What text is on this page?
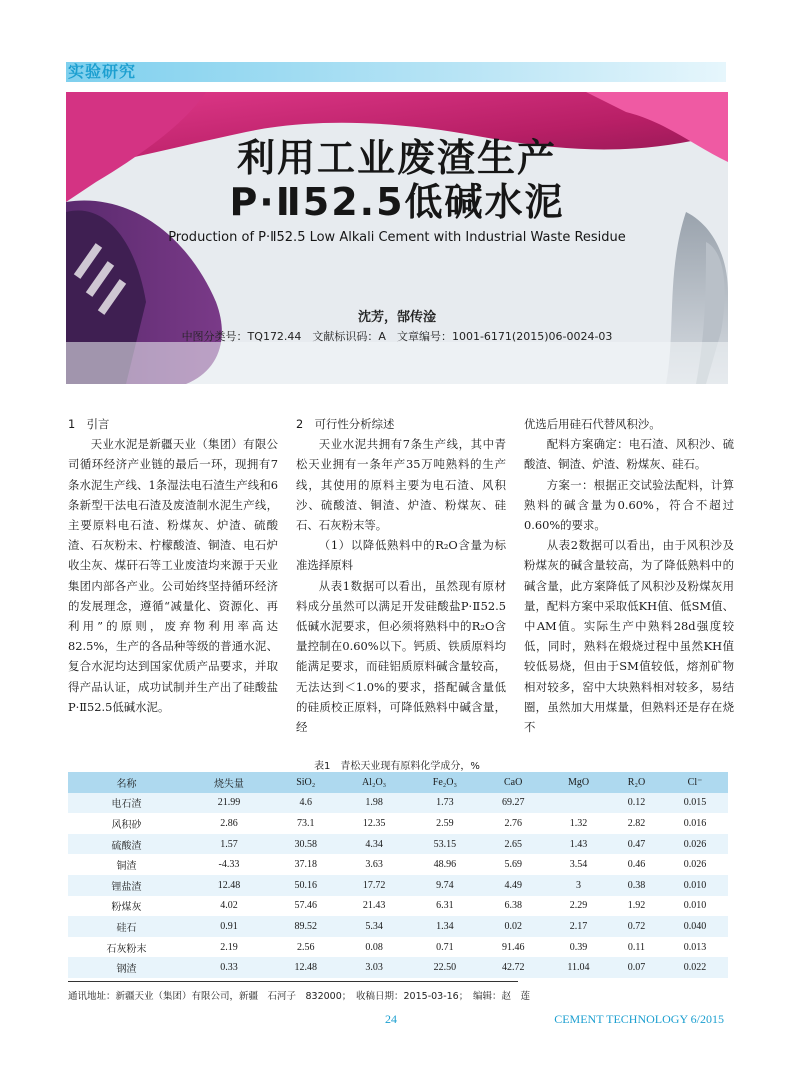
实验研究
利用工业废渣生产
P·Ⅱ52.5低碱水泥
Production of P·Ⅱ52.5 Low Alkali Cement with Industrial Waste Residue
沈芳，郜传淦
中图分类号：TQ172.44　文献标识码：A　文章编号：1001-6171(2015)06-0024-03
1　引言

天业水泥是新疆天业（集团）有限公司循环经济产业链的最后一环，现拥有7条水泥生产线、1条湿法电石渣生产线和6条新型干法电石渣及废渣制水泥生产线，主要原料电石渣、粉煤灰、炉渣、硫酸渣、石灰粉末、柠檬酸渣、铜渣、电石炉收尘灰、煤矸石等工业废渣均来源于天业集团内部各产业。公司始终坚持循环经济的发展理念，遵循“减量化、资源化、再利用”的原则，废弃物利用率高达82.5%，生产的各品种等级的普通水泥、复合水泥均达到国家优质产品要求，并取得产品认证，成功试制并生产出了硅酸盐P·Ⅱ52.5低碱水泥。

2　可行性分析综述

天业水泥共拥有7条生产线，其中青松天业拥有一条年产35万吨熟料的生产线，其使用的原料主要为电石渣、风积沙、硫酸渣、铜渣、炉渣、粉煤灰、硅石、石灰粉末等。

（1）以降低熟料中的R₂O含量为标准选择原料

从表1数据可以看出，虽然现有原材料成分虽然可以满足开发硅酸盐P·Ⅱ52.5低碱水泥要求，但必须将熟料中的R₂O含量控制在0.60%以下。钙质、铁质原料均能满足要求，而硅铝质原料碱含量较高，无法达到＜1.0%的要求，搭配碱含量低的硅质校正原料，可降低熟料中碱含量，经

优选后用硅石代替风积沙。

配料方案确定：电石渣、风积沙、硫酸渣、铜渣、炉渣、粉煤灰、硅石。

方案一：根据正交试验法配料，计算熟料的碱含量为0.60%，符合不超过0.60%的要求。

从表2数据可以看出，由于风积沙及粉煤灰的碱含量较高，为了降低熟料中的碱含量，此方案降低了风积沙及粉煤灰用量，配料方案中采取低KH值、低SM值、中AM值。实际生产中熟料28d强度较低，同时，熟料在煅烧过程中虽然KH值较低易烧，但由于SM值较低，熔剂矿物相对较多，窑中大块熟料相对较多，易结圈，虽然加大用煤量，但熟料还是存在烧不

表1　青松天业现有原料化学成分，%
名称	烧失量	SiO₂	Al₂O₃	Fe₂O₃	CaO	MgO	R₂O	Cl⁻
电石渣	21.99	4.6	1.98	1.73	69.27		0.12	0.015
风积砂	2.86	73.1	12.35	2.59	2.76	1.32	2.82	0.016
硫酸渣	1.57	30.58	4.34	53.15	2.65	1.43	0.47	0.026
铜渣	-4.33	37.18	3.63	48.96	5.69	3.54	0.46	0.026
锂盐渣	12.48	50.16	17.72	9.74	4.49	3	0.38	0.010
粉煤灰	4.02	57.46	21.43	6.31	6.38	2.29	1.92	0.010
硅石	0.91	89.52	5.34	1.34	0.02	2.17	0.72	0.040
石灰粉末	2.19	2.56	0.08	0.71	91.46	0.39	0.11	0.013
钢渣	0.33	12.48	3.03	22.50	42.72	11.04	0.07	0.022
通讯地址：新疆天业（集团）有限公司，新疆　石河子　832000；　收稿日期：2015-03-16；　编辑：赵　莲
24	CEMENT TECHNOLOGY 6/2015
